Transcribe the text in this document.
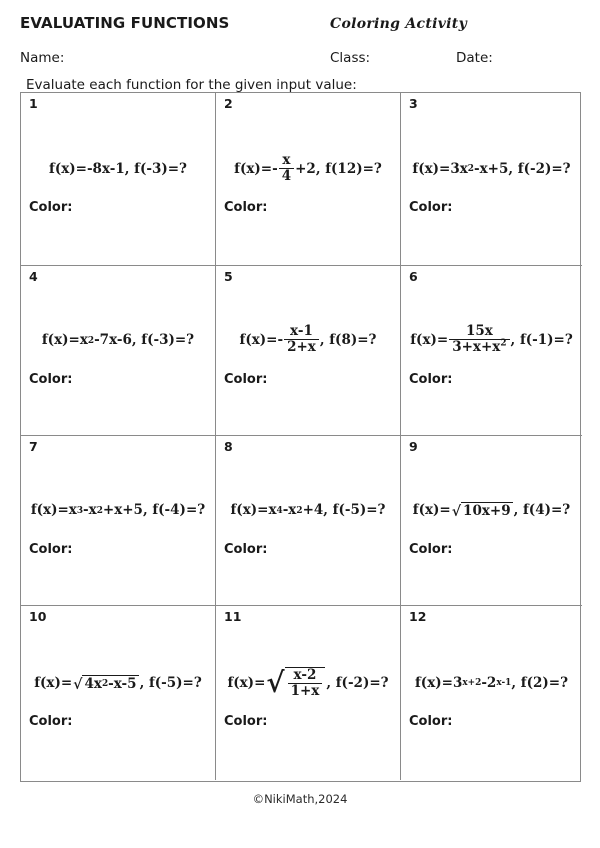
EVALUATING FUNCTIONS	Coloring Activity
Name:	Class:	Date:
Evaluate each function for the given input value:
1
f(x)=-8x-1,
f(-3)=?
Color:
2
$f(x)=- \frac{x}{4} +2$,
f(12)=?
Color:
3
f(x)=3x 2 -x+5,
f(-2)=?
Color:
4
f(x)=x 2 -7x-6,
f(-3)=?
Color:
5
$f(x)=- \frac{x-1}{2+x}$ ,
f(8)=?
Color:
6
$f(x)= \frac{15x}{3+x+x^2}$ ,
f(-1)=?
Color:
7
f(x)=x 3 -x 2 +x+5,
f(-4)=?
Color:
8
f(x)=x 4 -x 2 +4,
f(-5)=?
Color:
9
f(x)= √ 10x+9 ,
f(4)=?
Color:
10
f(x)= √ 4x 2 -x-5 ,
f(-5)=?
Color:
11
f(x)= √ $\frac{x-2}{1+x}$ ,
f(-2)=?
Color:
12
f(x)=3 x+2 -2 x-1 ,
f(2)=?
Color:
©NikiMath,2024
